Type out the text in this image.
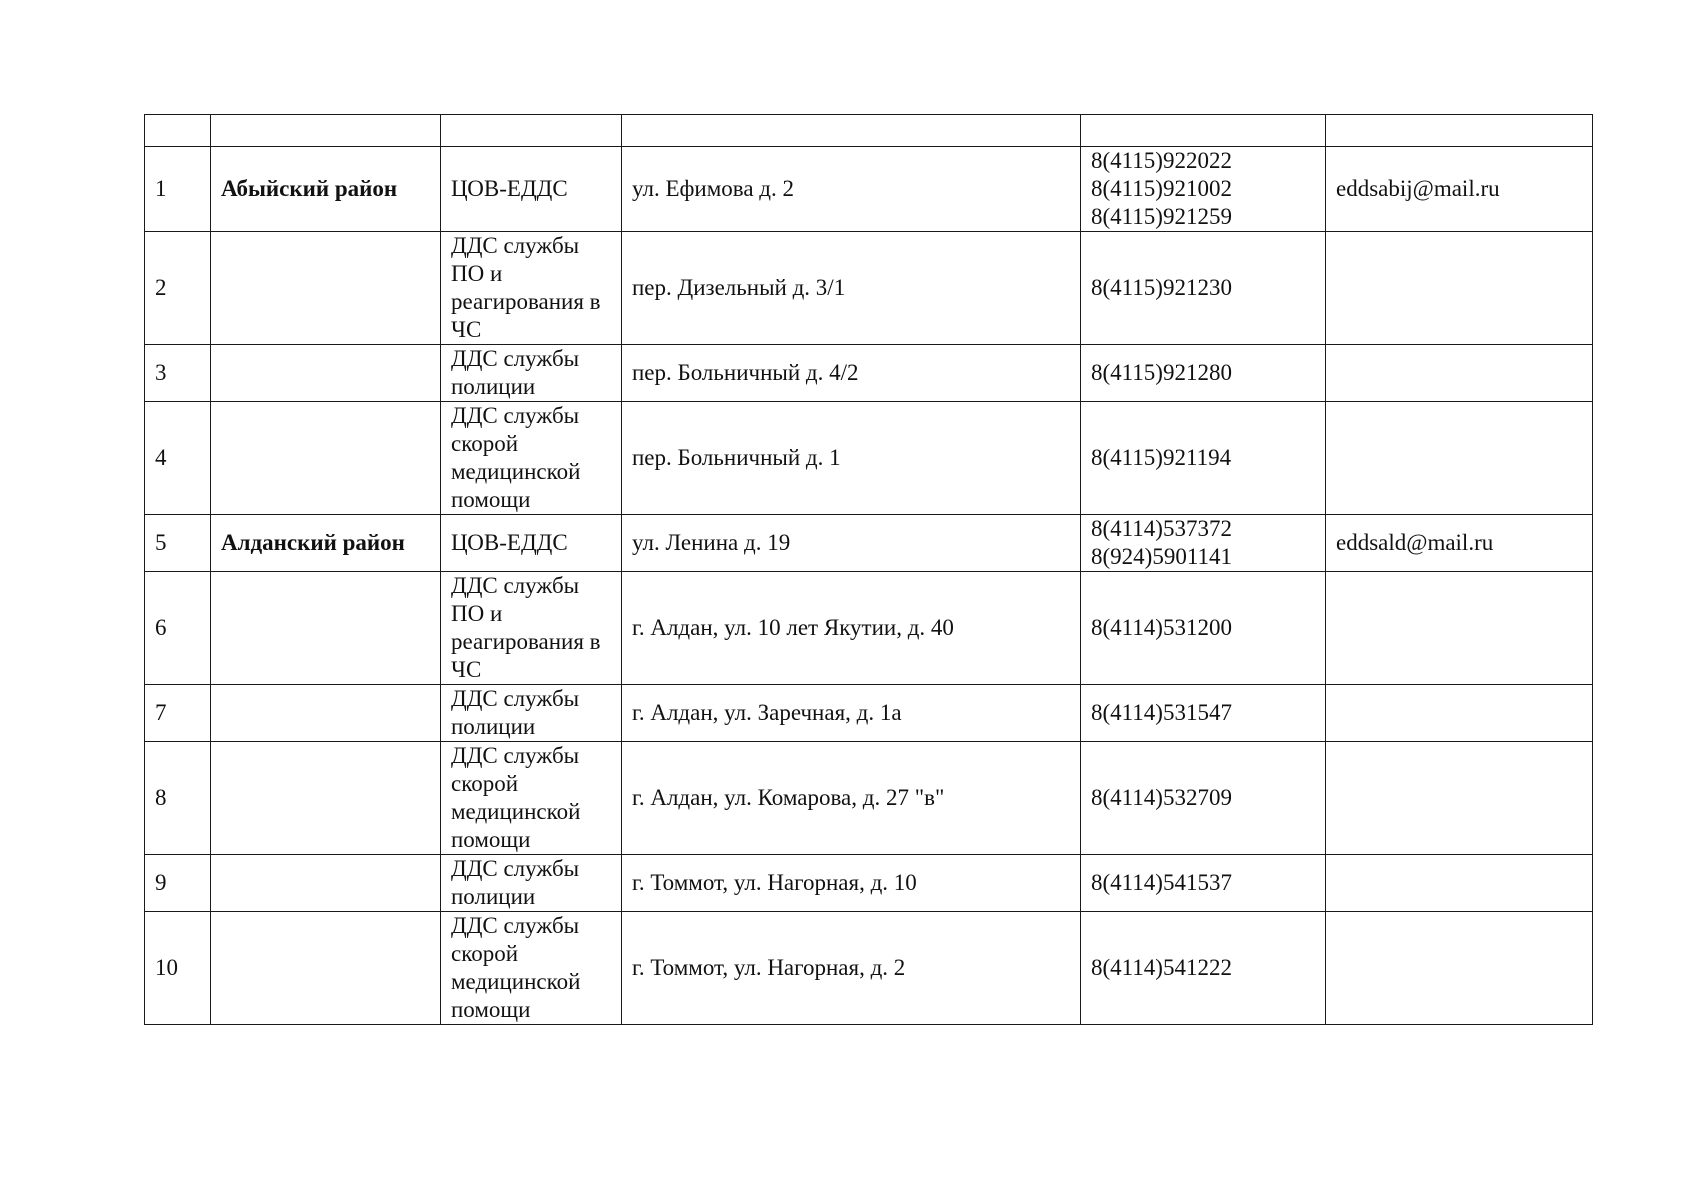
1	Абыйский район	ЦОВ-ЕДДС	ул. Ефимова д. 2	8(4115)922022
8(4115)921002
8(4115)921259	eddsabij@mail.ru
2		ДДС службы
ПО и
реагирования в
ЧС	пер. Дизельный д. 3/1	8(4115)921230	

3		ДДС службы
полиции	пер. Больничный д. 4/2	8(4115)921280	

4		ДДС службы
скорой
медицинской
помощи	пер. Больничный д. 1	8(4115)921194	

5	Алданский район	ЦОВ-ЕДДС	ул. Ленина д. 19	8(4114)537372
8(924)5901141	eddsald@mail.ru
6		ДДС службы
ПО и
реагирования в
ЧС	г. Алдан, ул. 10 лет Якутии, д. 40	8(4114)531200	

7		ДДС службы
полиции	г. Алдан, ул. Заречная, д. 1а	8(4114)531547	

8		ДДС службы
скорой
медицинской
помощи	г. Алдан, ул. Комарова, д. 27 "в"	8(4114)532709	

9		ДДС службы
полиции	г. Томмот, ул. Нагорная, д. 10	8(4114)541537	

10		ДДС службы
скорой
медицинской
помощи	г. Томмот, ул. Нагорная, д. 2	8(4114)541222	
